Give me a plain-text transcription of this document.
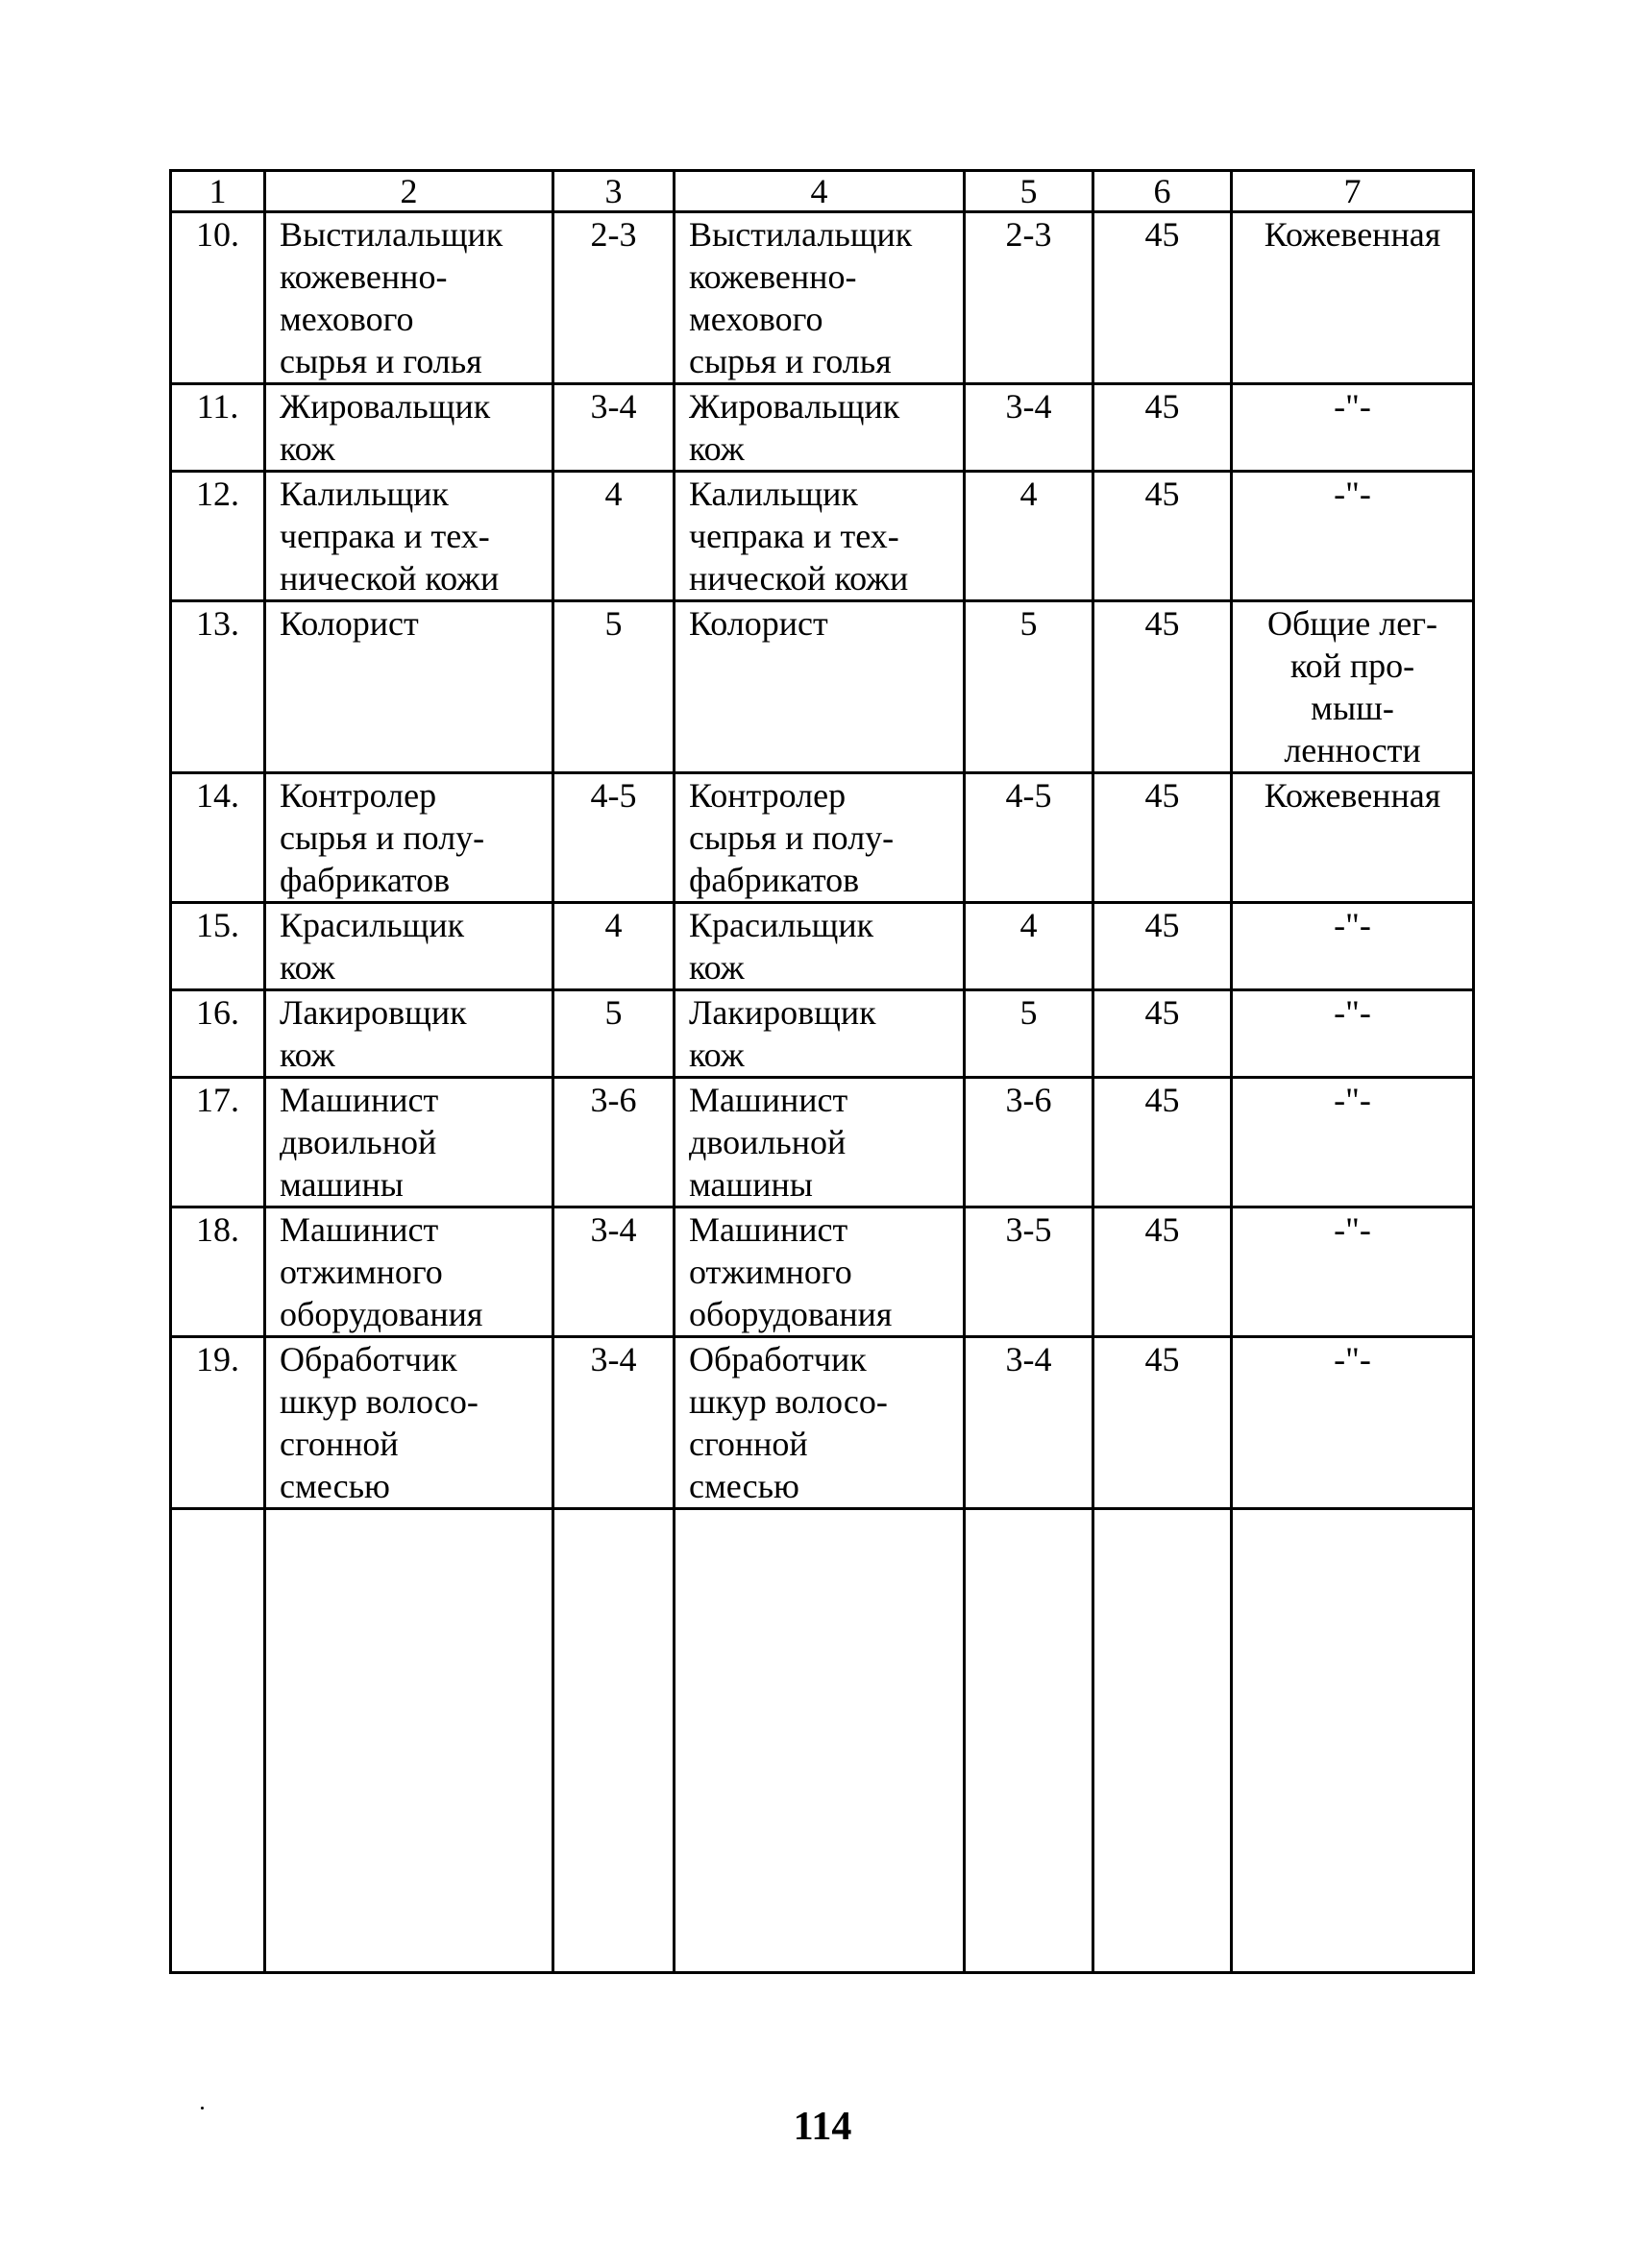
1	2	3	4	5	6	7
10.	Выстилальщик
кожевенно-
мехового
сырья и голья	2-3	Выстилальщик
кожевенно-
мехового
сырья и голья	2-3	45	Кожевенная

11.	Жировальщик
кож	3-4	Жировальщик
кож	3-4	45	-"-

12.	Калильщик
чепрака и тех-
нической кожи	4	Калильщик
чепрака и тех-
нической кожи	4	45	-"-

13.	Колорист	5	Колорист	5	45	Общие лег-
кой про-
мыш-
ленности

14.	Контролер
сырья и полу-
фабрикатов	4-5	Контролер
сырья и полу-
фабрикатов	4-5	45	Кожевенная

15.	Красильщик
кож	4	Красильщик
кож	4	45	-"-

16.	Лакировщик
кож	5	Лакировщик
кож	5	45	-"-

17.	Машинист
двоильной
машины	3-6	Машинист
двоильной
машины	3-6	45	-"-

18.	Машинист
отжимного
оборудования	3-4	Машинист
отжимного
оборудования	3-5	45	-"-

19.	Обработчик
шкур волосо-
сгонной
смесью	3-4	Обработчик
шкур волосо-
сгонной
смесью	3-4	45	-"-

114
